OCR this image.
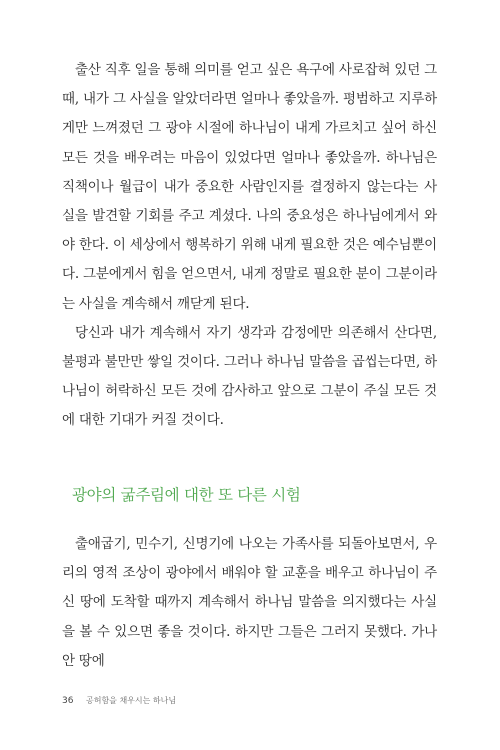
출산 직후 일을 통해 의미를 얻고 싶은 욕구에 사로잡혀 있던 그때, 내가 그 사실을 알았더라면 얼마나 좋았을까. 평범하고 지루하게만 느껴졌던 그 광야 시절에 하나님이 내게 가르치고 싶어 하신 모든 것을 배우려는 마음이 있었다면 얼마나 좋았을까. 하나님은 직책이나 월급이 내가 중요한 사람인지를 결정하지 않는다는 사실을 발견할 기회를 주고 계셨다. 나의 중요성은 하나님에게서 와야 한다. 이 세상에서 행복하기 위해 내게 필요한 것은 예수님뿐이다. 그분에게서 힘을 얻으면서, 내게 정말로 필요한 분이 그분이라는 사실을 계속해서 깨닫게 된다.

당신과 내가 계속해서 자기 생각과 감정에만 의존해서 산다면, 불평과 불만만 쌓일 것이다. 그러나 하나님 말씀을 곱씹는다면, 하나님이 허락하신 모든 것에 감사하고 앞으로 그분이 주실 모든 것에 대한 기대가 커질 것이다.

광야의 굶주림에 대한 또 다른 시험

출애굽기, 민수기, 신명기에 나오는 가족사를 되돌아보면서, 우리의 영적 조상이 광야에서 배워야 할 교훈을 배우고 하나님이 주신 땅에 도착할 때까지 계속해서 하나님 말씀을 의지했다는 사실을 볼 수 있으면 좋을 것이다. 하지만 그들은 그러지 못했다. 가나안 땅에

36 공허함을 채우시는 하나님
